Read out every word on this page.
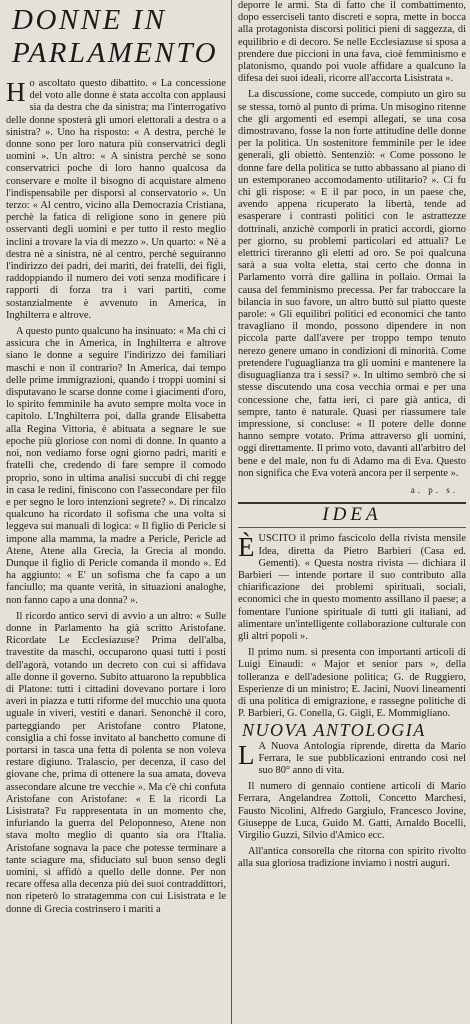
DONNE IN
PARLAMENTO

Ho ascoltato questo dibattito. « La concessione del voto alle donne è stata accolta con applausi sia da destra che da sinistra; ma l'interrogativo delle donne sposterà gli umori elettorali a destra o a sinistra? ». Uno ha risposto: « A destra, perchè le donne sono per loro natura più conservatrici degli uomini ». Un altro: « A sinistra perchè se sono conservatrici poche di loro hanno qualcosa da conservare e molte il bisogno di acquistare almeno l'indispensabile per disporsi al conservatorio ». Un terzo: « Al centro, vicino alla Democrazia Cristiana, perchè la fatica di religione sono in genere più osservanti degli uomini e per tutto il resto meglio inclini a trovare la via di mezzo ». Un quarto: « Nè a destra nè a sinistra, nè al centro, perchè seguiranno l'indirizzo dei padri, dei mariti, dei fratelli, dei figli, raddoppiando il numero dei voti senza modificare i rapporti di forza tra i vari partiti, come sostanzialmente è avvenuto in America, in Inghilterra e altrove.

A questo punto qualcuno ha insinuato: « Ma chi ci assicura che in America, in Inghilterra e altrove siano le donne a seguire l'indirizzo dei familiari maschi e non il contrario? In America, dai tempo delle prime immigrazioni, quando i troppi uomini si disputavano le scarse donne come i giacimenti d'oro, lo spirito femminile ha avuto sempre molta voce in capitolo. L'Inghilterra poi, dalla grande Elisabetta alla Regina Vittoria, è abituata a segnare le sue epoche più gloriose con nomi di donne. In quanto a noi, non vediamo forse ogni giorno padri, mariti e fratelli che, credendo di fare sempre il comodo proprio, sono in ultima analisi succubi di chi regge in casa le redini, finiscono con l'assecondare per filo e per segno le loro intenzioni segrete? ». Di rincalzo qualcuno ha ricordato il sofisma che una volta si leggeva sui manuali di logica: « Il figlio di Pericle si impone alla mamma, la madre a Pericle, Pericle ad Atene, Atene alla Grecia, la Grecia al mondo. Dunque il figlio di Pericle comanda il mondo ». Ed ha aggiunto: « E' un sofisma che fa capo a un fanciullo; ma quante verità, in situazioni analoghe, non fanno capo a una donna? ».

Il ricordo antico servì di avvio a un altro: « Sulle donne in Parlamento ha già scritto Aristofane. Ricordate Le Ecclesiazuse? Prima dell'alba, travestite da maschi, occuparono quasi tutti i posti dell'agorà, votando un decreto con cui si affidava alle donne il governo. Subito attuarono la repubblica di Platone: tutti i cittadini dovevano portare i loro averi in piazza e tutti riforme del mucchio una quota uguale in viveri, vestiti e danari. Senonchè il coro, parteggiando per Aristofane contro Platone, consiglia a chi fosse invitato al banchetto comune di portarsi in tasca una fetta di polenta se non voleva restare digiuno. Tralascio, per decenza, il caso del giovane che, prima di ottenere la sua amata, doveva assecondare alcune tre vecchie ». Ma c'è chi confuta Aristofane con Aristofane: « E la ricordi La Lisistrata? Fu rappresentata in un momento che, infuriando la guerra del Peloponneso, Atene non stava molto meglio di quanto sia ora l'Italia. Aristofane sognava la pace che potesse terminare a tante sciagure ma, sfiduciato sul buon senso degli uomini, si affidò a quello delle donne. Per non recare offesa alla decenza più dei suoi contraddittori, non ripeterò lo stratagemma con cui Lisistrata e le donne di Grecia costrinsero i mariti a

deporre le armi. Sta di fatto che il combattimento, dopo esserciseli tanto discreti e sopra, mette in bocca alla protagonista discorsi politici pieni di saggezza, di equilibrio e di decoro. Se nelle Ecclesiazuse si sposa a prendere due piccioni in una fava, cioè femminismo e platonismo, quando poi vuole affidare a qualcuno la difesa dei suoi ideali, ricorre all'accorta Lisistrata ».

La discussione, come succede, compiuto un giro su se stessa, tornò al punto di prima. Un misogino ritenne che gli argomenti ed esempi allegati, se una cosa dimostravano, fosse la non forte attitudine delle donne per la politica. Un sostenitore femminile per le idee generali, gli obiettò. Sentenziò: « Come possono le donne fare della politica se tutto abbassano al piano di un estemporaneo accomodamento utilitario? ». Ci fu chi gli rispose: « E il par poco, in un paese che, avendo appena ricuperato la libertà, tende ad esasperare i contrasti politici con le astrattezze dottrinali, anzichè comporli in pratici accordi, giorno per giorno, su problemi particolari ed attuali? Le elettrici tireranno gli eletti ad oro. Se poi qualcuna sarà a sua volta eletta, stai certo che donna in Parlamento vorrà dire gallina in pollaio. Ormai la causa del femminismo precessa. Per far traboccare la bilancia in suo favore, un altro buttò sul piatto queste parole: « Gli equilibri politici ed economici che tanto travagliano il mondo, possono dipendere in non piccola parte dall'avere per troppo tempo tenuto nerezo genere umano in condizioni di minorità. Come pretendere l'uguaglianza tra gli uomini e mantenere la disuguaglianza tra i sessi? ». In ultimo sembrò che si stesse discutendo una cosa vecchia ormai e per una concessione che, fatta ieri, ci pare già antica, di sempre, tanto è naturale. Quasi per riassumere tale impressione, si concluse: « Il potere delle donne hanno sempre votato. Prima attraverso gli uomini, oggi direttamente. Il primo voto, davanti all'arbitro del bene e del male, non fu di Adamo ma di Eva. Questo non significa che Eva voterà ancora per il serpente ».

a. p. s.

IDEA

ÈUSCITO il primo fascicolo della rivista mensile Idea, diretta da Pietro Barbieri (Casa ed. Gementi). « Questa nostra rivista — dichiara il Barbieri — intende portare il suo contributo alla chiarificazione dei problemi spirituali, sociali, economici che in questo momento assillano il paese; a fomentare l'unione spirituale di tutti gli italiani, ad alimentare un'intelligente collaborazione culturale con gli altri popoli ».

Il primo num. si presenta con importanti articoli di Luigi Einaudi: « Major et senior pars », della tolleranza e dell'adesione politica; G. de Ruggiero, Esperienze di un ministro; E. Jacini, Nuovi lineamenti di una politica di emigrazione, e rassegne politiche di P. Barbieri, G. Conella, G. Gigli, E. Mommigliano.

NUOVA ANTOLOGIA

L A Nuova Antologia riprende, diretta da Mario Ferrara, le sue pubblicazioni entrando così nel suo 80° anno di vita.

Il numero di gennaio contiene articoli di Mario Ferrara, Angelandrea Zottoli, Concetto Marchesi, Fausto Nicolini, Alfredo Gargiulo, Francesco Jovine, Giuseppe de Luca, Guido M. Gatti, Arnaldo Bocelli, Virgilio Guzzi, Silvio d'Amico ecc.

All'antica consorella che ritorna con spirito rivolto alla sua gloriosa tradizione inviamo i nostri auguri.
